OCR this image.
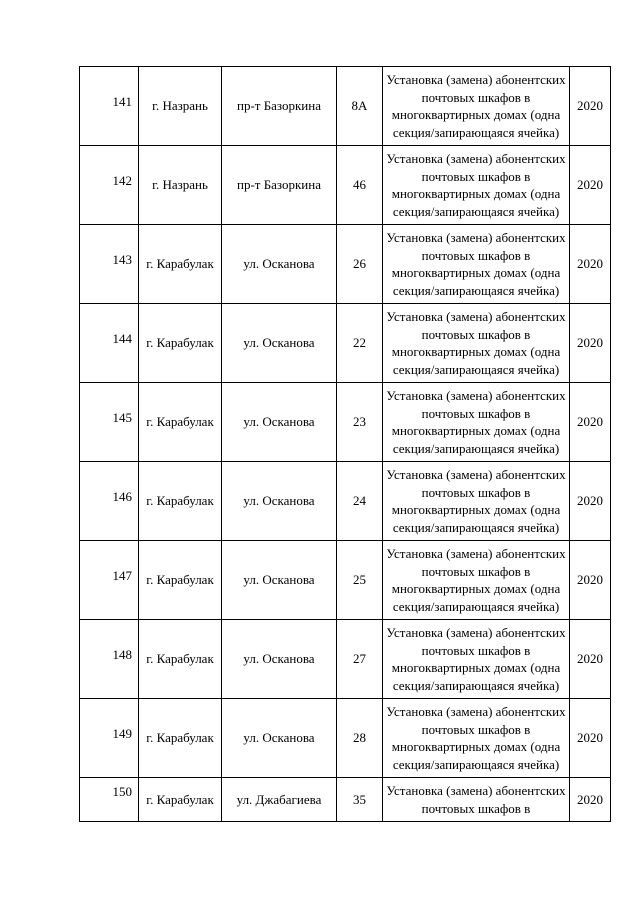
141	г. Назрань	пр-т Базоркина	8А	Установка (замена) абонентских почтовых шкафов в многоквартирных домах (одна секция/запирающаяся ячейка)	2020
142	г. Назрань	пр-т Базоркина	46	Установка (замена) абонентских почтовых шкафов в многоквартирных домах (одна секция/запирающаяся ячейка)	2020
143	г. Карабулак	ул. Осканова	26	Установка (замена) абонентских почтовых шкафов в многоквартирных домах (одна секция/запирающаяся ячейка)	2020
144	г. Карабулак	ул. Осканова	22	Установка (замена) абонентских почтовых шкафов в многоквартирных домах (одна секция/запирающаяся ячейка)	2020
145	г. Карабулак	ул. Осканова	23	Установка (замена) абонентских почтовых шкафов в многоквартирных домах (одна секция/запирающаяся ячейка)	2020
146	г. Карабулак	ул. Осканова	24	Установка (замена) абонентских почтовых шкафов в многоквартирных домах (одна секция/запирающаяся ячейка)	2020
147	г. Карабулак	ул. Осканова	25	Установка (замена) абонентских почтовых шкафов в многоквартирных домах (одна секция/запирающаяся ячейка)	2020
148	г. Карабулак	ул. Осканова	27	Установка (замена) абонентских почтовых шкафов в многоквартирных домах (одна секция/запирающаяся ячейка)	2020
149	г. Карабулак	ул. Осканова	28	Установка (замена) абонентских почтовых шкафов в многоквартирных домах (одна секция/запирающаяся ячейка)	2020
150	г. Карабулак	ул. Джабагиева	35	Установка (замена) абонентских почтовых шкафов в	2020
